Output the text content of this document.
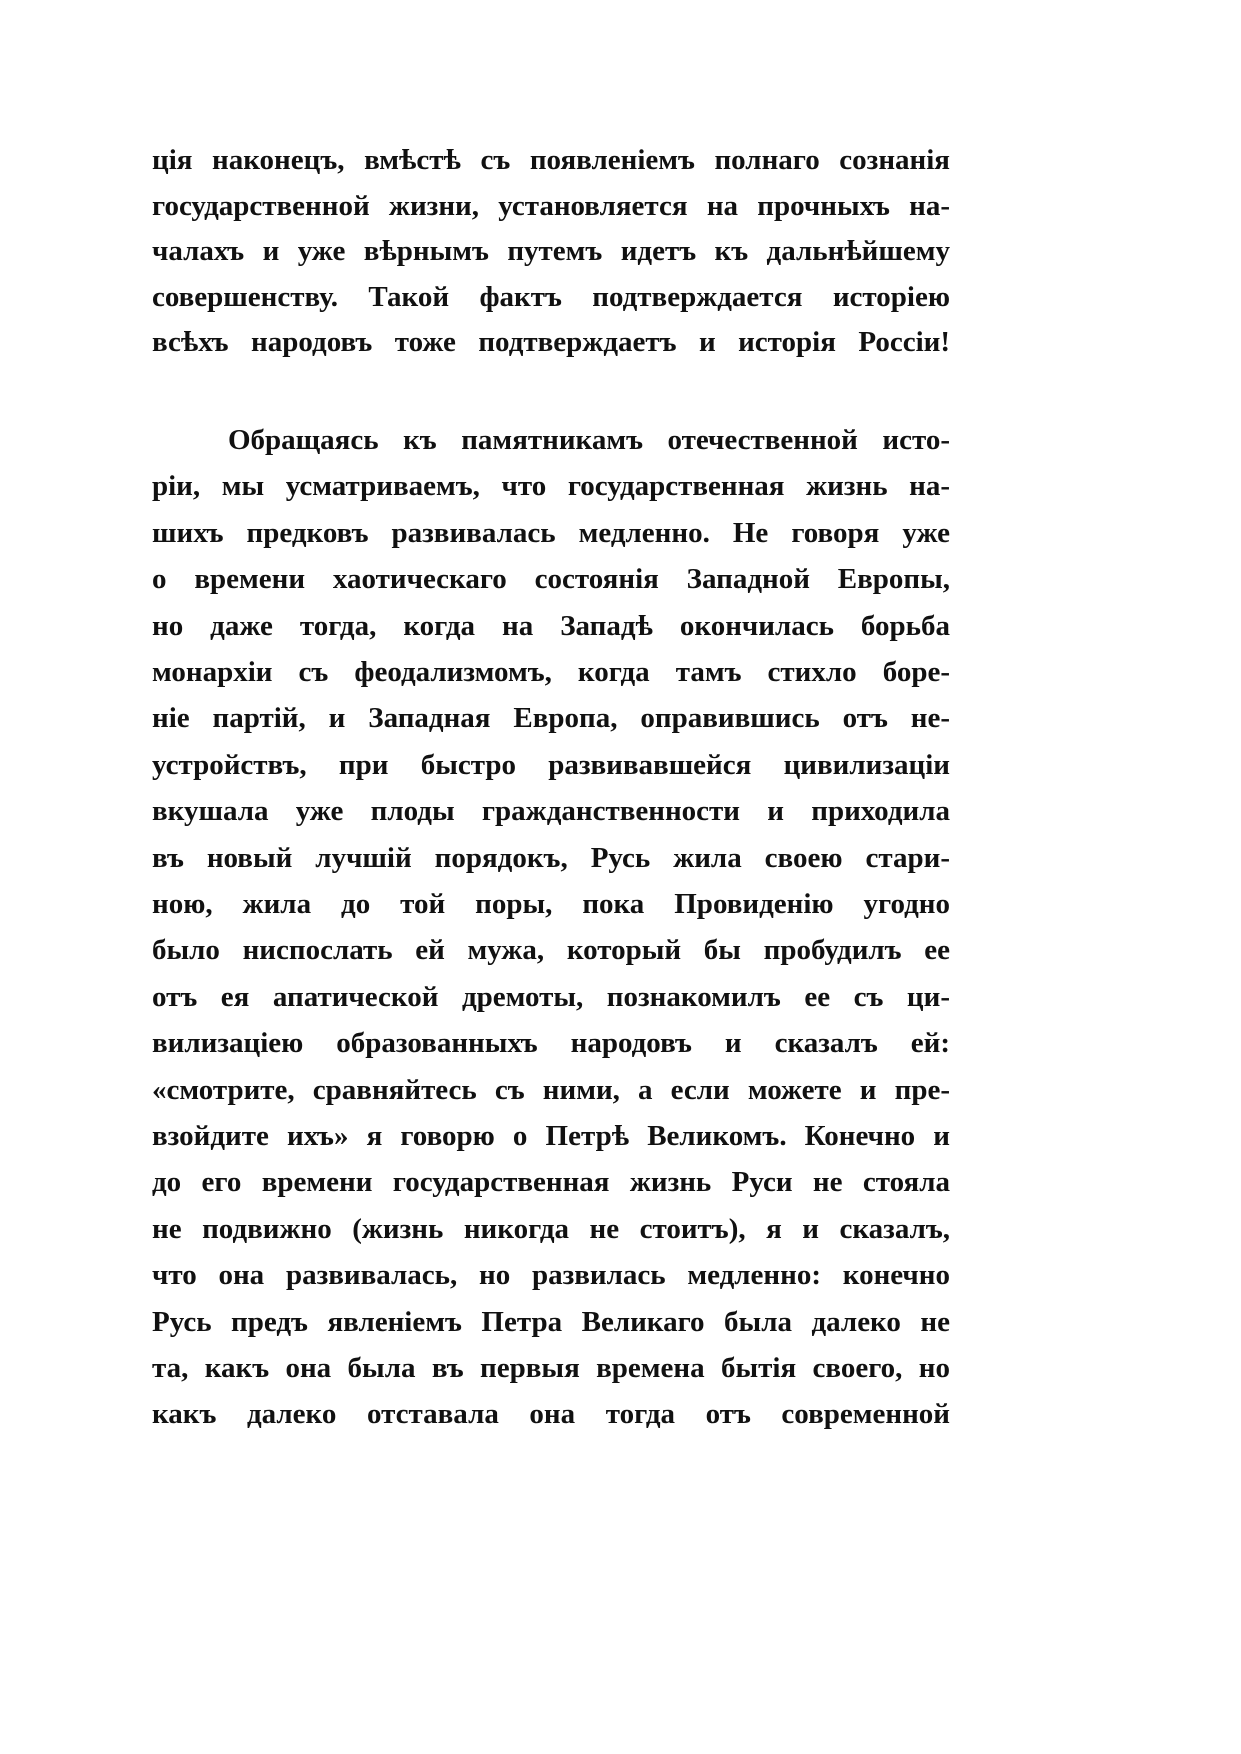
ція наконецъ, вмѣстѣ съ появленіемъ полнаго сознанія
государственной жизни, установляется на прочныхъ на-
чалахъ и уже вѣрнымъ путемъ идетъ къ дальнѣйшему
совершенству. Такой фактъ подтверждается исторіею
всѣхъ народовъ тоже подтверждаетъ и исторія Россіи!
Обращаясь къ памятникамъ отечественной исто-
ріи, мы усматриваемъ, что государственная жизнь на-
шихъ предковъ развивалась медленно. Не говоря уже
о времени хаотическаго состоянія Западной Европы,
но даже тогда, когда на Западѣ окончилась борьба
монархіи съ феодализмомъ, когда тамъ стихло боре-
ніе партій, и Западная Европа, оправившись отъ не-
устройствъ, при быстро развивавшейся цивилизаціи
вкушала уже плоды гражданственности и приходила
въ новый лучшій порядокъ, Русь жила своею стари-
ною, жила до той поры, пока Провиденію угодно
было ниспослать ей мужа, который бы пробудилъ ее
отъ ея апатической дремоты, познакомилъ ее съ ци-
вилизаціею образованныхъ народовъ и сказалъ ей:
«смотрите, сравняйтесь съ ними, а если можете и пре-
взойдите ихъ» я говорю о Петрѣ Великомъ. Конечно и
до его времени государственная жизнь Руси не стояла
не подвижно (жизнь никогда не стоитъ), я и сказалъ,
что она развивалась, но развилась медленно: конечно
Русь предъ явленіемъ Петра Великаго была далеко не
та, какъ она была въ первыя времена бытія своего, но
какъ далеко отставала она тогда отъ современной
